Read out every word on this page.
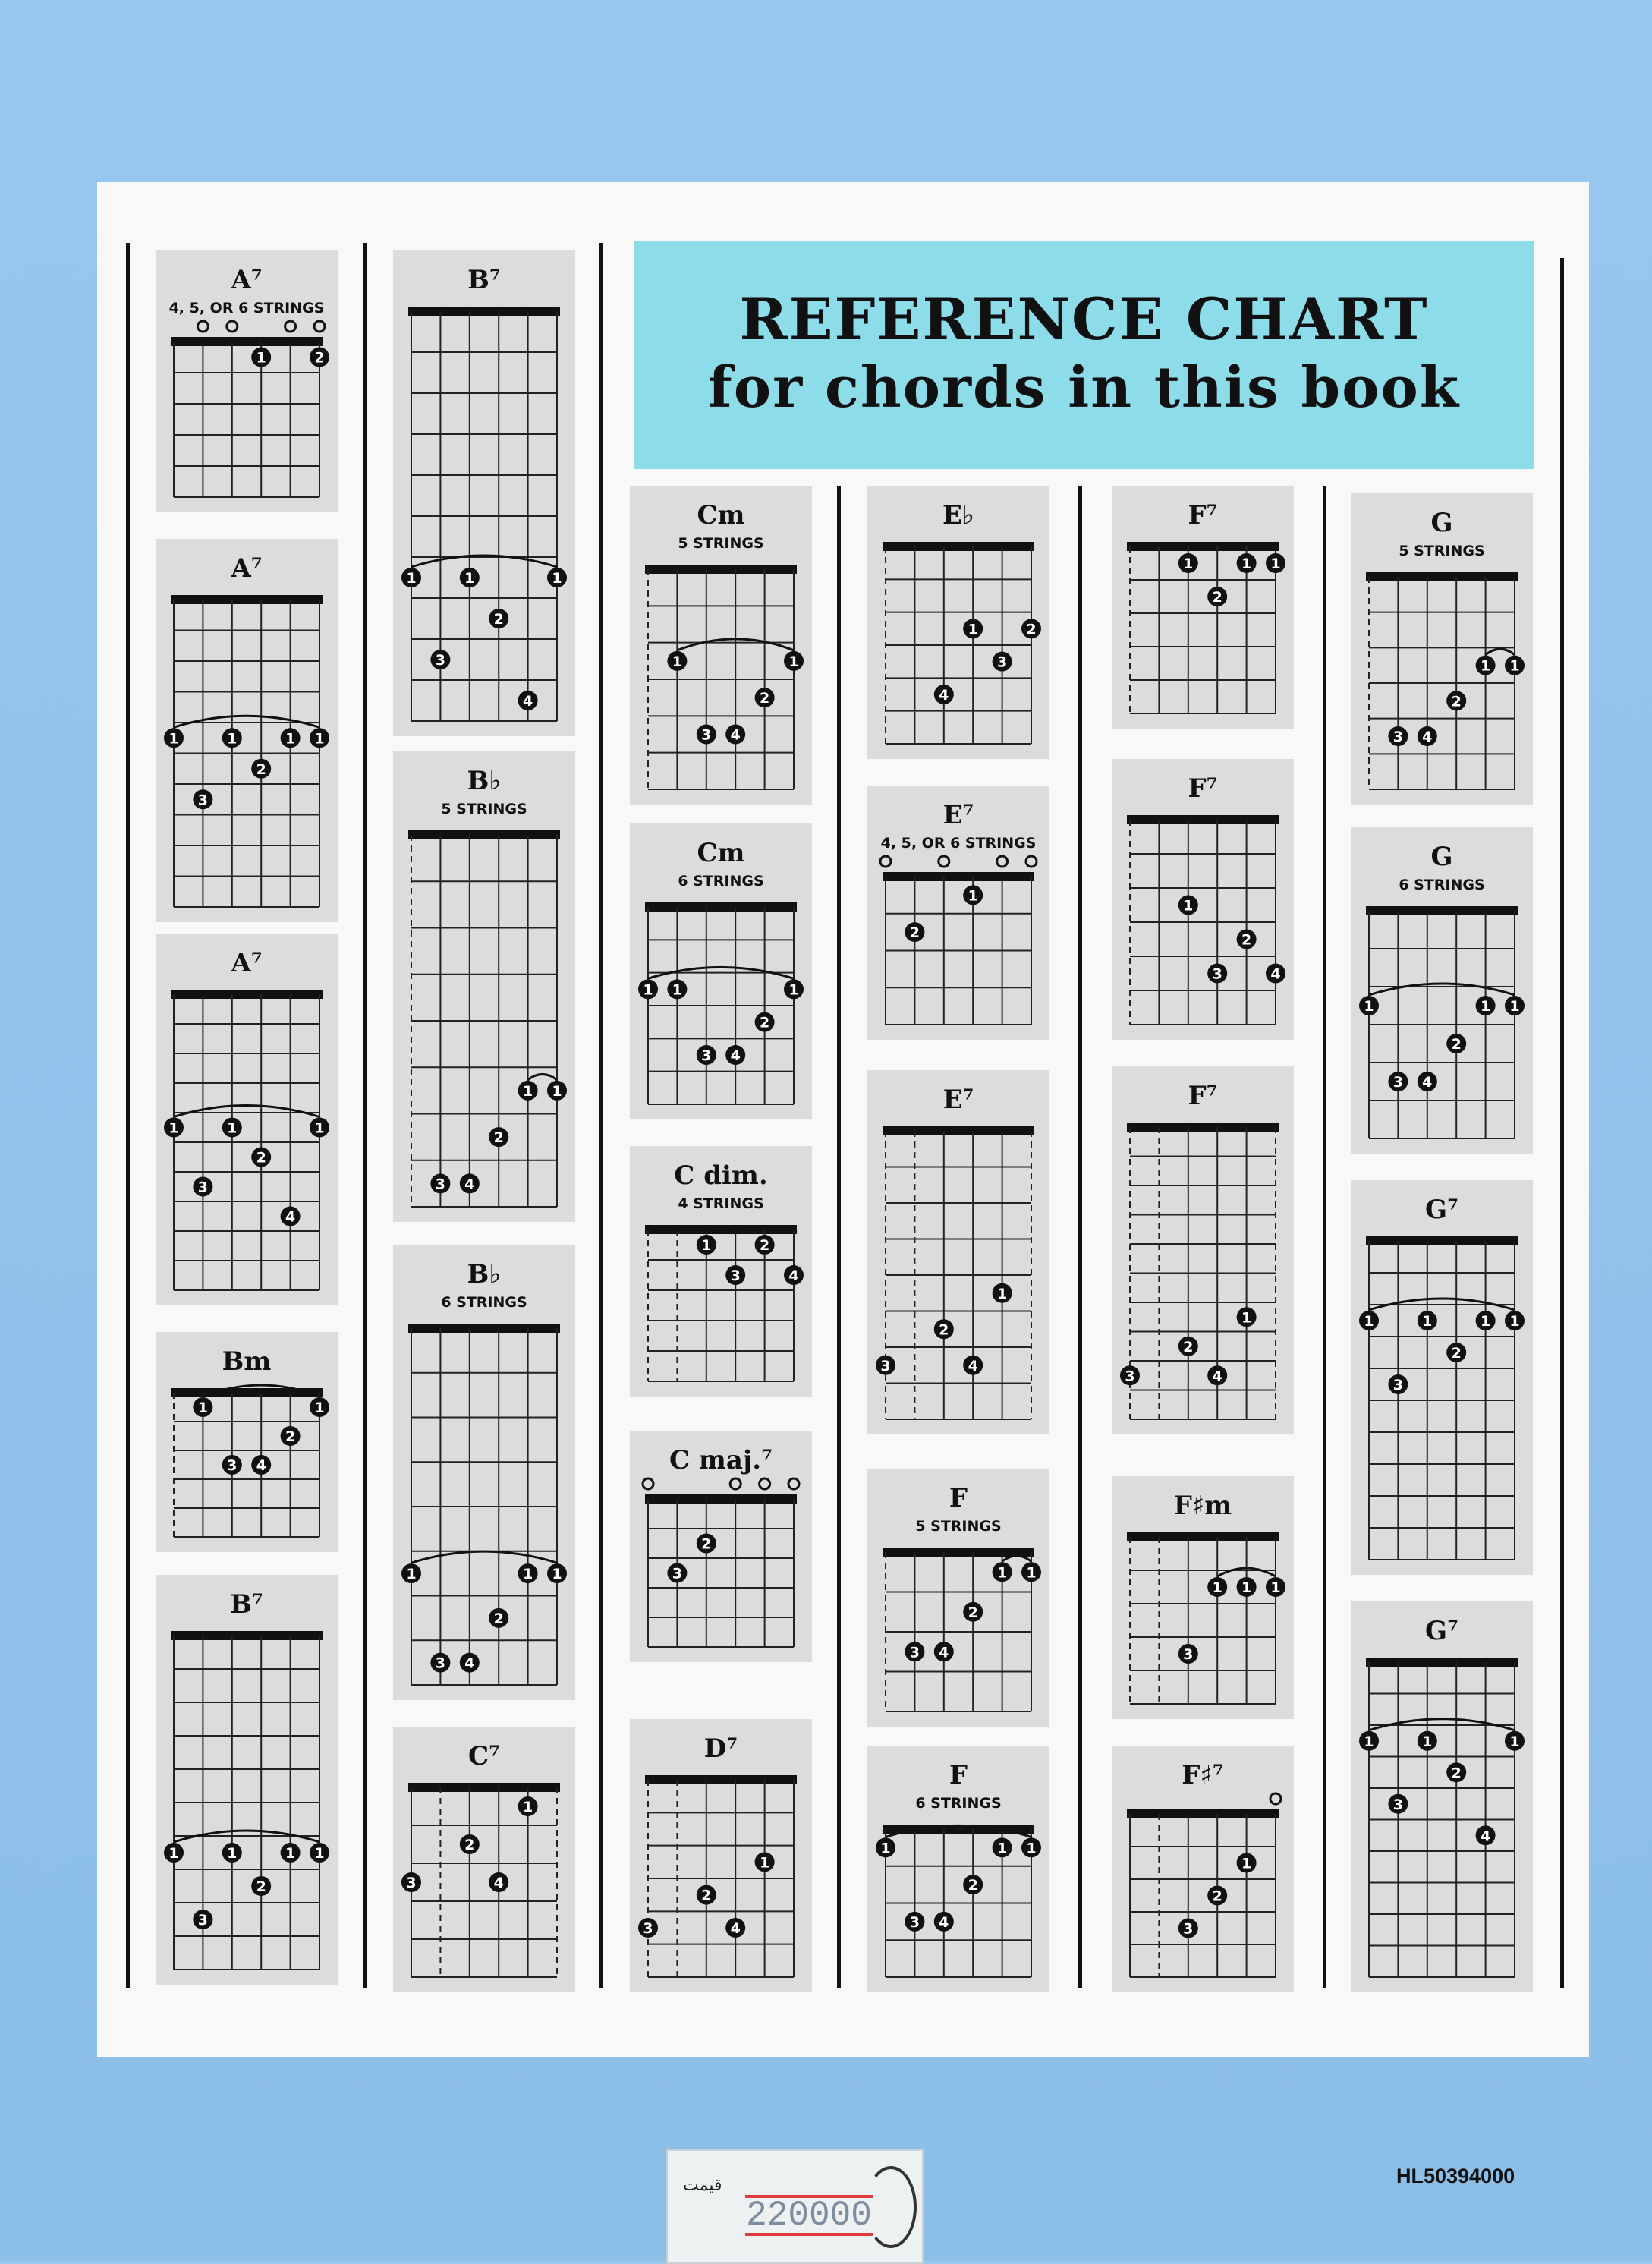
REFERENCE CHART
for chords in this book
A⁷
4, 5, OR 6 STRINGS
1	2
A⁷
1	1	1 1
2
3
A⁷
1	1	1
2
3
4
Bm
1	1
2
3 4
B⁷
1	1	1 1
2
3
B⁷
1	1	1
2
3
4
B♭
5 STRINGS
1 1
2
3 4
B♭
6 STRINGS
1	1 1
2
3 4
C⁷
1
2
3	4
Cm
5 STRINGS
1	1
2
3 4
Cm
6 STRINGS
1 1	1
2
3 4
C dim.
4 STRINGS
1	2
3	4
C maj.⁷
2
3
D⁷
1
2
3	4
E♭
1	2
3
4
E⁷
4, 5, OR 6 STRINGS
1
2
E⁷
1
2
3	4
F
5 STRINGS
1 1
2
3 4
F
6 STRINGS
1	1 1
2
3 4
F⁷
1	1 1
2
F⁷
1
2
3	4
F⁷
1
2
3	4
F♯m
1 1 1
3
F♯⁷
1
2
3
G
5 STRINGS
1 1
2
3 4
G
6 STRINGS
1	1 1
2
3 4
G⁷
1	1	1 1
2
3
G⁷
1	1	1
2
3
4
قیمت
220000
HL50394000
